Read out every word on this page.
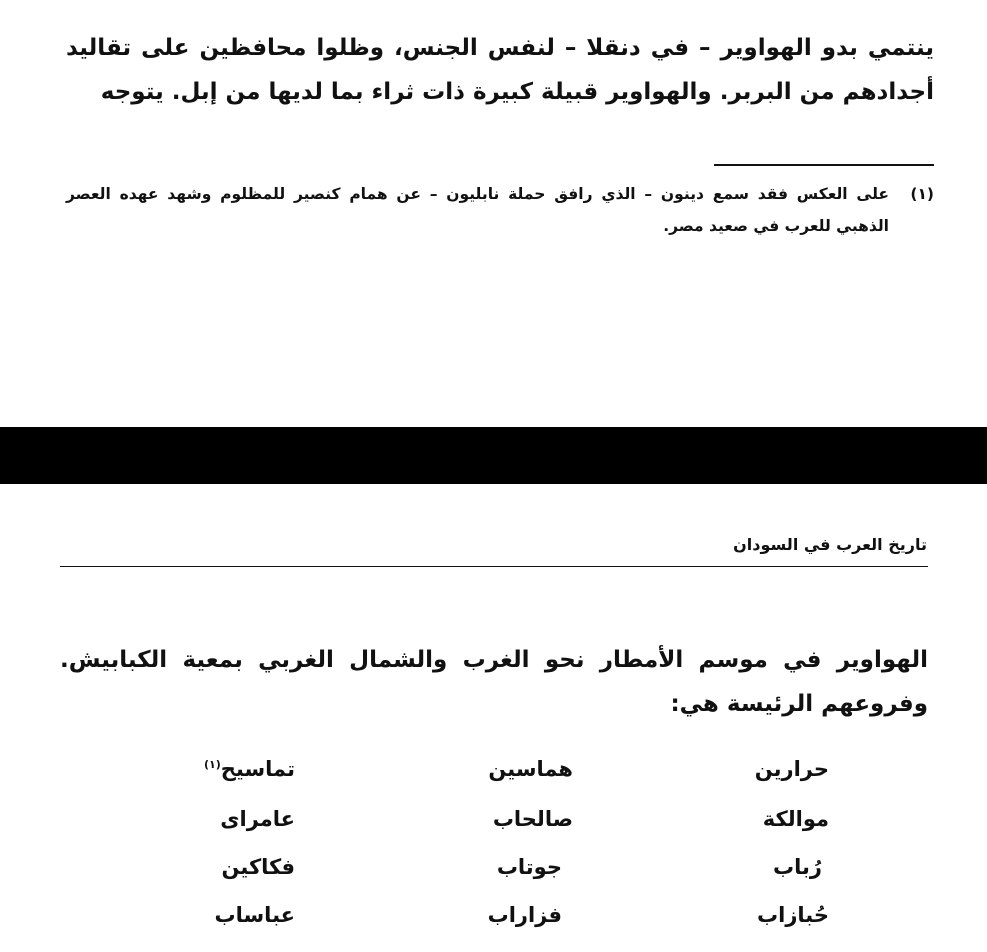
ينتمي بدو الهواوير – في دنقلا – لنفس الجنس، وظلوا محافظين على تقاليد أجدادهم من البربر. والهواوير قبيلة كبيرة ذات ثراء بما لديها من إبل. يتوجه

(١)

على العكس فقد سمع دينون – الذي رافق حملة نابليون – عن همام كنصير للمظلوم وشهد عهده العصر الذهبي للعرب في صعيد مصر.

تاريخ العرب في السودان

الهواوير في موسم الأمطار نحو الغرب والشمال الغربي بمعية الكبابيش. وفروعهم الرئيسة هي:

حرارين
هماسين
تماسيح$^{(١)}$
موالكة
صالحاب
عامراى
رُباب
جوتاب
فكاكين
حُبازاب
فزاراب
عباساب
